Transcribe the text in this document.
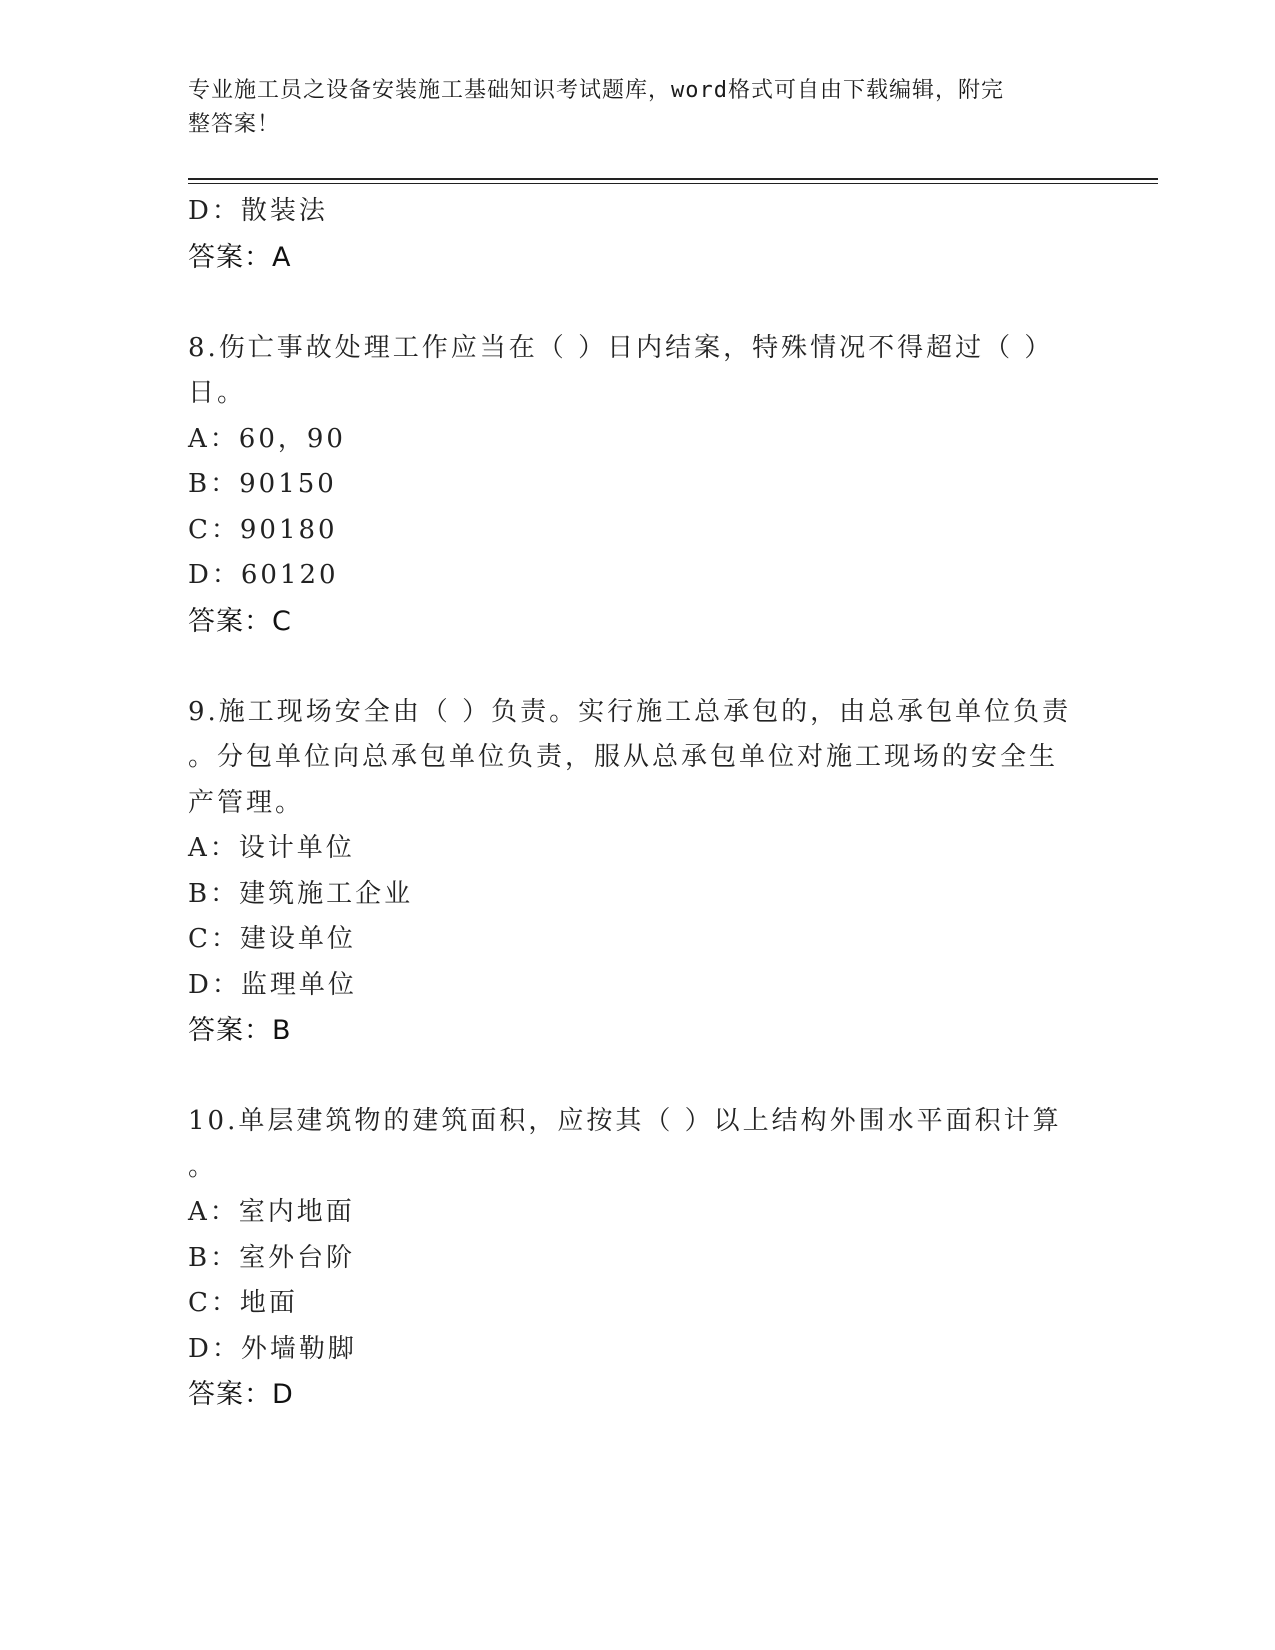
专业施工员之设备安装施工基础知识考试题库，word格式可自由下载编辑，附完
整答案！
D：散装法
答案：A
8.伤亡事故处理工作应当在（ ）日内结案，特殊情况不得超过（ ）
日。
A：60，90
B：90150
C：90180
D：60120
答案：C
9.施工现场安全由（ ）负责。实行施工总承包的，由总承包单位负责
。分包单位向总承包单位负责，服从总承包单位对施工现场的安全生
产管理。
A：设计单位
B：建筑施工企业
C：建设单位
D：监理单位
答案：B
10.单层建筑物的建筑面积，应按其（ ）以上结构外围水平面积计算
。
A：室内地面
B：室外台阶
C：地面
D：外墙勒脚
答案：D
